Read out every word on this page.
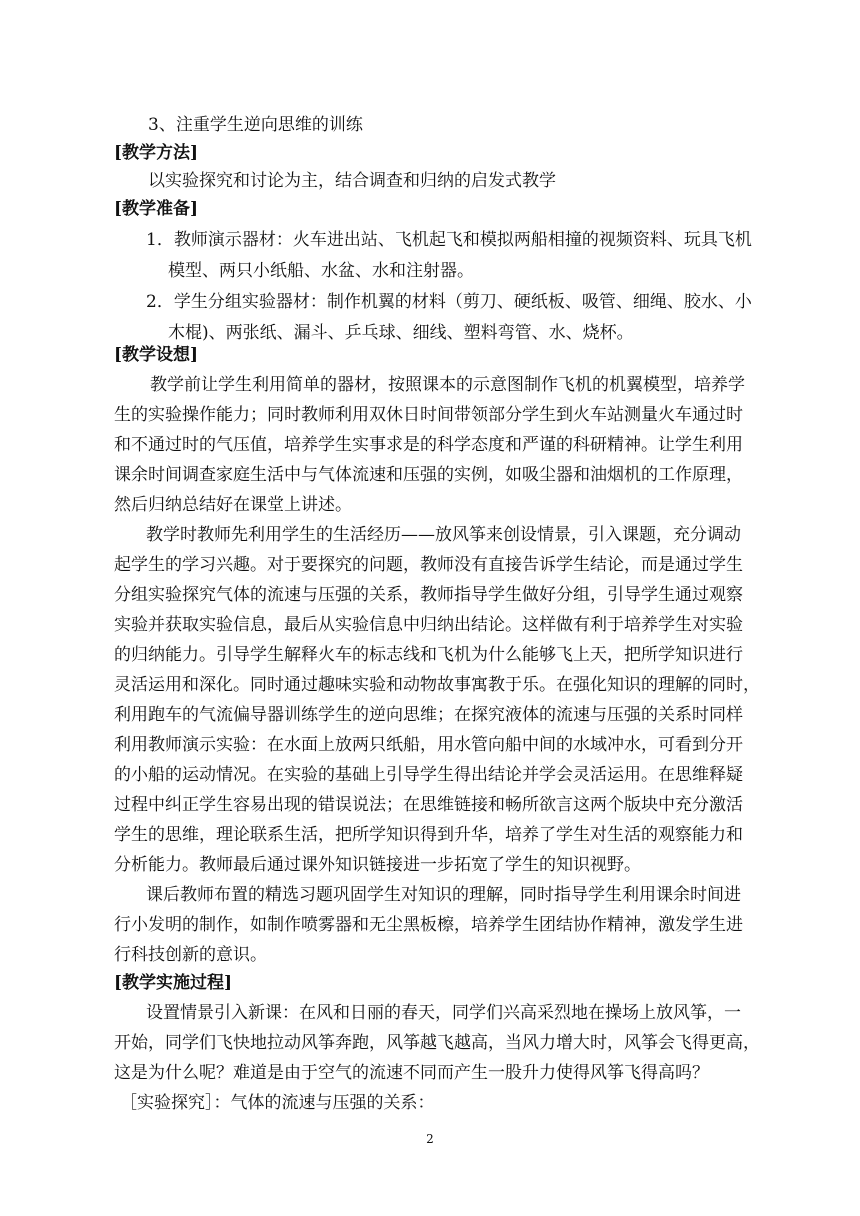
3、注重学生逆向思维的训练

[教学方法]

以实验探究和讨论为主，结合调查和归纳的启发式教学

[教学准备]

1．教师演示器材：火车进出站、飞机起飞和模拟两船相撞的视频资料、玩具飞机

模型、两只小纸船、水盆、水和注射器。

2．学生分组实验器材：制作机翼的材料（剪刀、硬纸板、吸管、细绳、胶水、小

木棍)、两张纸、漏斗、乒乓球、细线、塑料弯管、水、烧杯。

[教学设想]

教学前让学生利用简单的器材，按照课本的示意图制作飞机的机翼模型，培养学

生的实验操作能力；同时教师利用双休日时间带领部分学生到火车站测量火车通过时

和不通过时的气压值，培养学生实事求是的科学态度和严谨的科研精神。让学生利用

课余时间调查家庭生活中与气体流速和压强的实例，如吸尘器和油烟机的工作原理，

然后归纳总结好在课堂上讲述。

教学时教师先利用学生的生活经历——放风筝来创设情景，引入课题，充分调动

起学生的学习兴趣。对于要探究的问题，教师没有直接告诉学生结论，而是通过学生

分组实验探究气体的流速与压强的关系，教师指导学生做好分组，引导学生通过观察

实验并获取实验信息，最后从实验信息中归纳出结论。这样做有利于培养学生对实验

的归纳能力。引导学生解释火车的标志线和飞机为什么能够飞上天，把所学知识进行

灵活运用和深化。同时通过趣味实验和动物故事寓教于乐。在强化知识的理解的同时，

利用跑车的气流偏导器训练学生的逆向思维；在探究液体的流速与压强的关系时同样

利用教师演示实验：在水面上放两只纸船，用水管向船中间的水域冲水，可看到分开

的小船的运动情况。在实验的基础上引导学生得出结论并学会灵活运用。在思维释疑

过程中纠正学生容易出现的错误说法；在思维链接和畅所欲言这两个版块中充分激活

学生的思维，理论联系生活，把所学知识得到升华，培养了学生对生活的观察能力和

分析能力。教师最后通过课外知识链接进一步拓宽了学生的知识视野。

课后教师布置的精选习题巩固学生对知识的理解，同时指导学生利用课余时间进

行小发明的制作，如制作喷雾器和无尘黑板檫，培养学生团结协作精神，激发学生进

行科技创新的意识。

[教学实施过程]

设置情景引入新课：在风和日丽的春天，同学们兴高采烈地在操场上放风筝，一

开始，同学们飞快地拉动风筝奔跑，风筝越飞越高，当风力增大时，风筝会飞得更高，

这是为什么呢？难道是由于空气的流速不同而产生一股升力使得风筝飞得高吗？

［实验探究］：气体的流速与压强的关系：

2
